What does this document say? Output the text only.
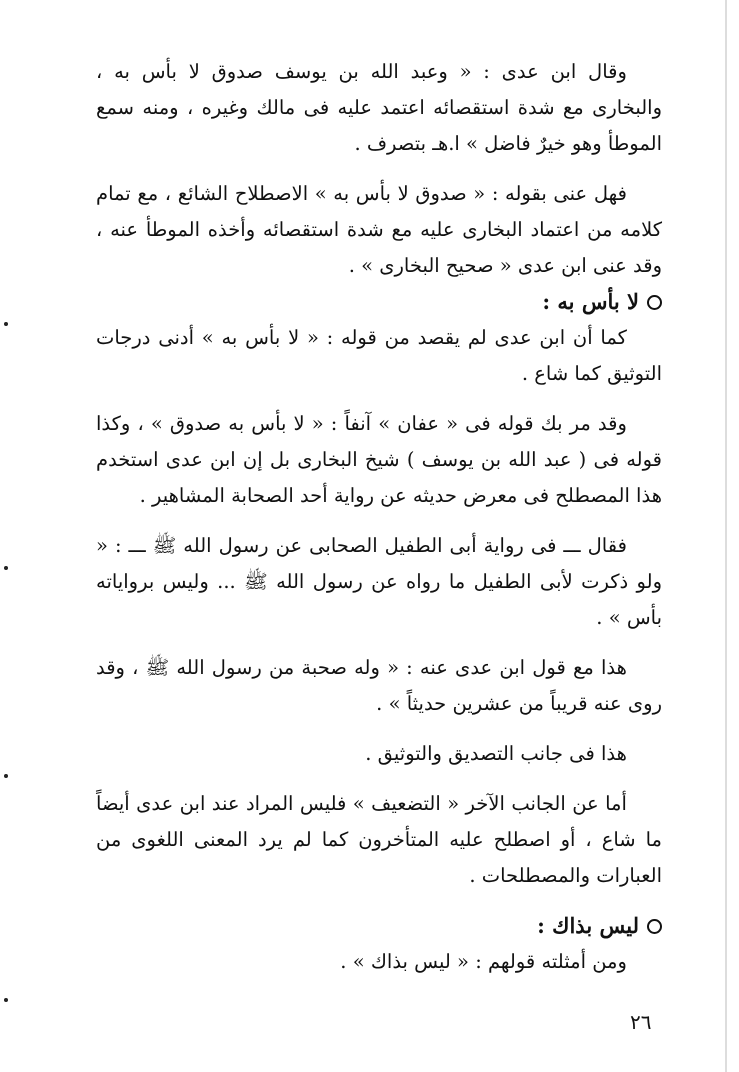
وقال ابن عدى : « وعبد الله بن يوسف صدوق لا بأس به ، والبخارى مع شدة استقصائه اعتمد عليه فى مالك وغيره ، ومنه سمع الموطأ وهو خيرٌ فاضل » ا.هـ بتصرف .

فهل عنى بقوله : « صدوق لا بأس به » الاصطلاح الشائع ، مع تمام كلامه من اعتماد البخارى عليه مع شدة استقصائه وأخذه الموطأ عنه ، وقد عنى ابن عدى « صحيح البخارى » .

لا بأس به :

كما أن ابن عدى لم يقصد من قوله : « لا بأس به » أدنى درجات التوثيق كما شاع .

وقد مر بك قوله فى « عفان » آنفاً : « لا بأس به صدوق » ، وكذا قوله فى ( عبد الله بن يوسف ) شيخ البخارى بل إن ابن عدى استخدم هذا المصطلح فى معرض حديثه عن رواية أحد الصحابة المشاهير .

فقال ـــ فى رواية أبى الطفيل الصحابى عن رسول الله ﷺ ـــ : « ولو ذكرت لأبى الطفيل ما رواه عن رسول الله ﷺ ... وليس برواياته بأس » .

هذا مع قول ابن عدى عنه : « وله صحبة من رسول الله ﷺ ، وقد روى عنه قريباً من عشرين حديثاً » .

هذا فى جانب التصديق والتوثيق .

أما عن الجانب الآخر « التضعيف » فليس المراد عند ابن عدى أيضاً ما شاع ، أو اصطلح عليه المتأخرون كما لم يرد المعنى اللغوى من العبارات والمصطلحات .

ليس بذاك :

ومن أمثلته قولهم : « ليس بذاك » .

٢٦
